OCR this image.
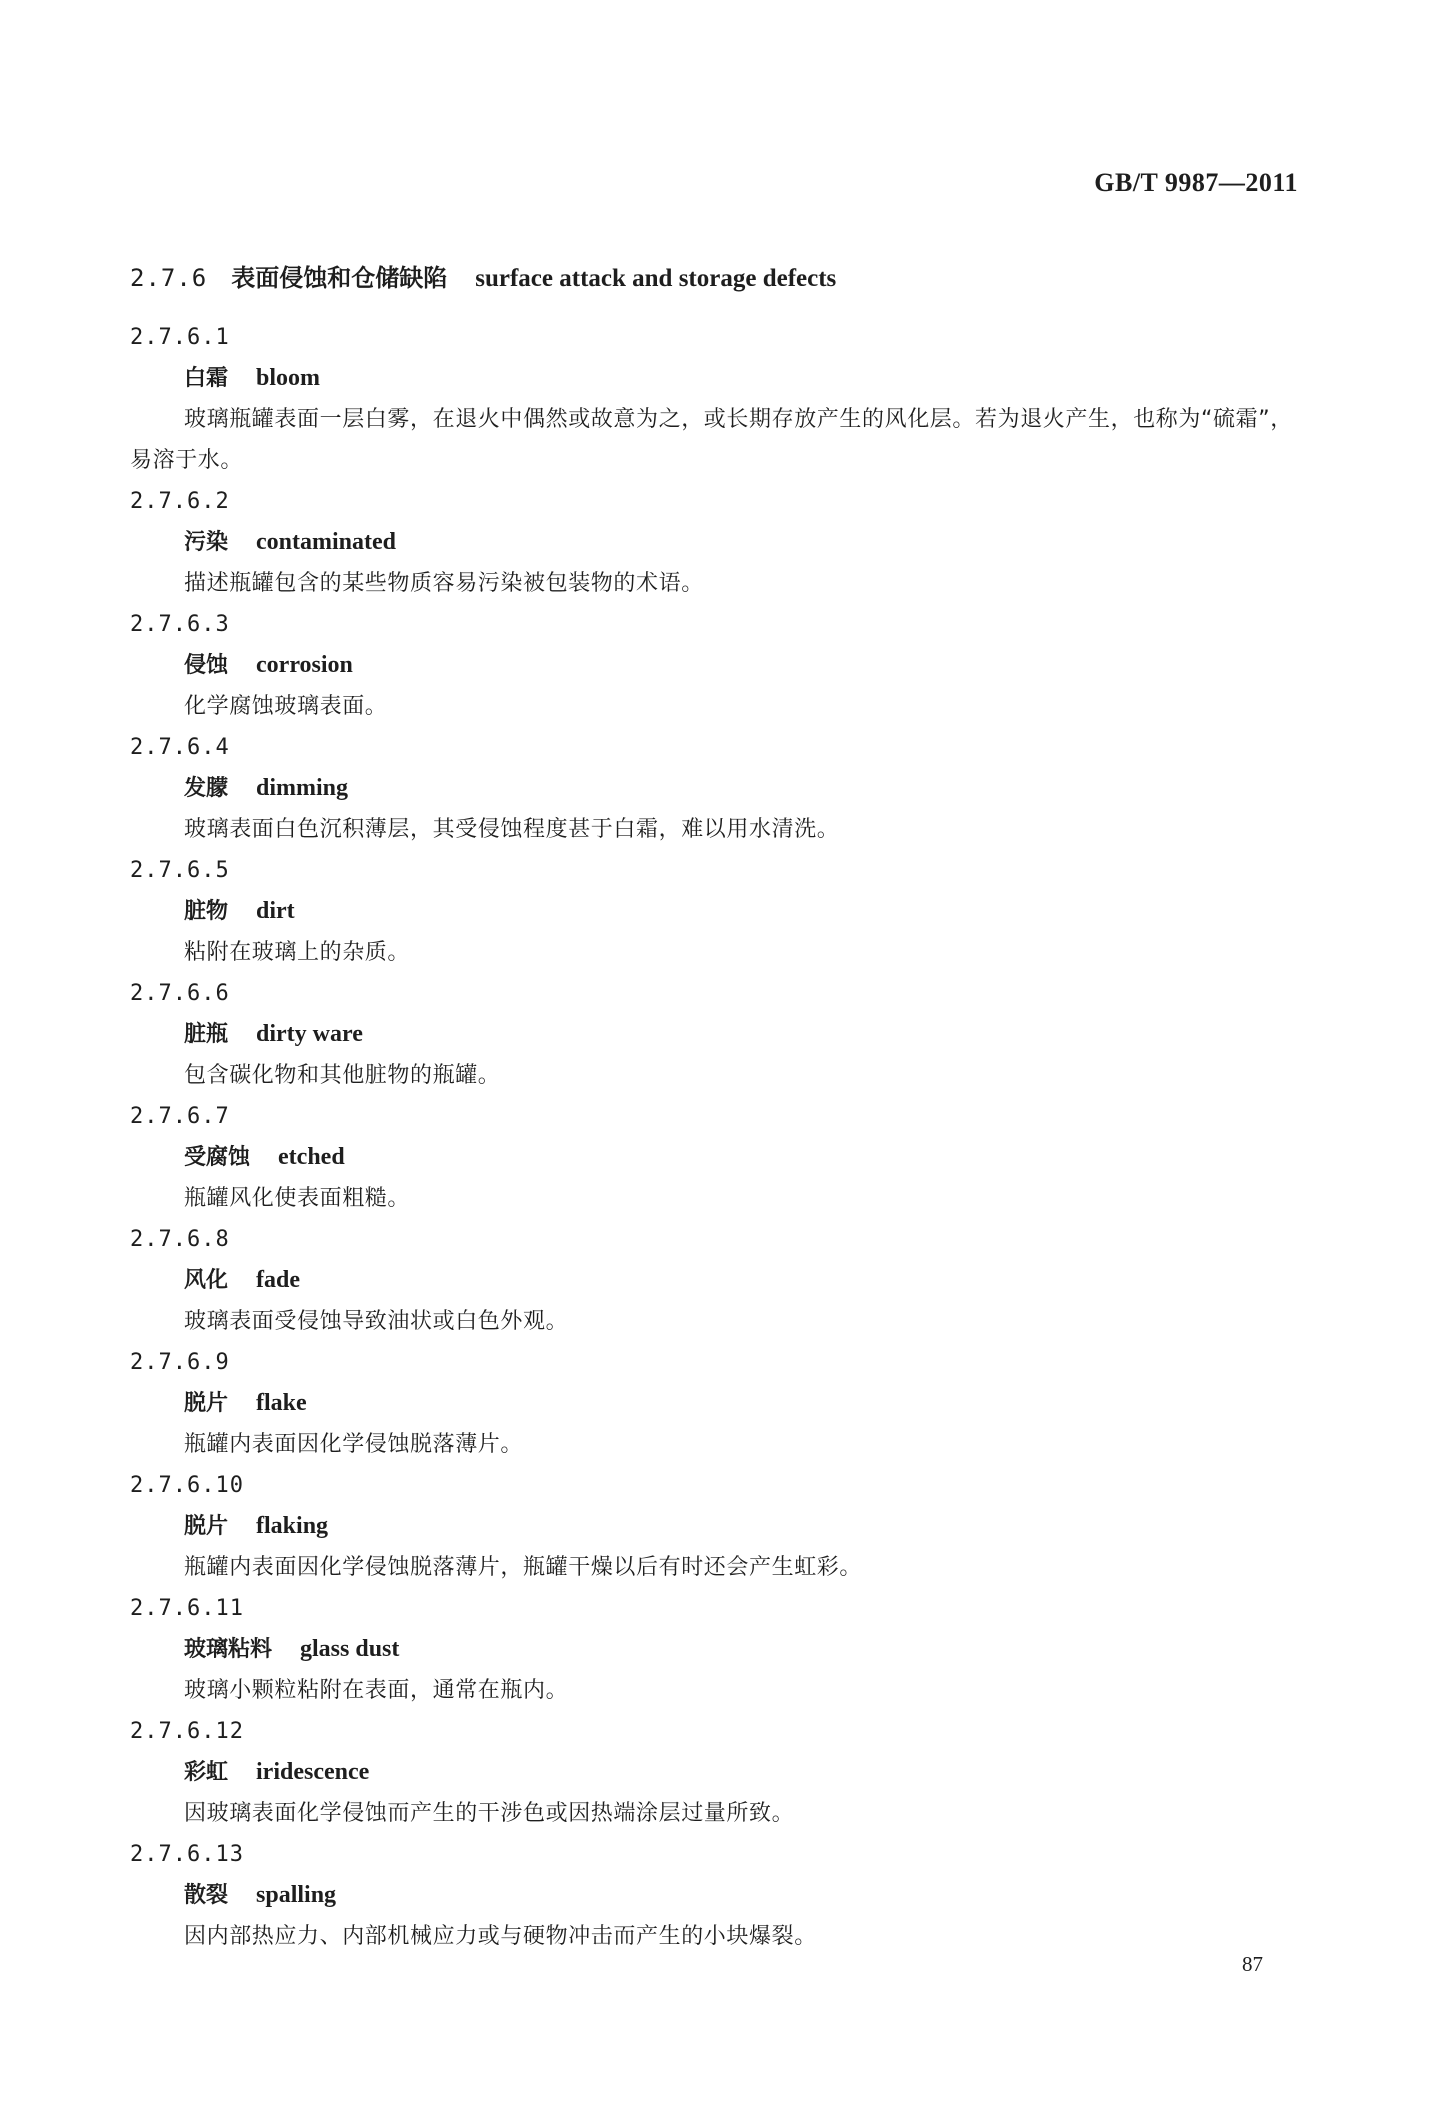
GB/T 9987—2011
2.7.6 表面侵蚀和仓储缺陷 surface attack and storage defects
2.7.6.1
白霜 bloom
玻璃瓶罐表面一层白雾，在退火中偶然或故意为之，或长期存放产生的风化层。若为退火产生，也称为“硫霜”，易溶于水。
2.7.6.2
污染 contaminated
描述瓶罐包含的某些物质容易污染被包装物的术语。
2.7.6.3
侵蚀 corrosion
化学腐蚀玻璃表面。
2.7.6.4
发朦 dimming
玻璃表面白色沉积薄层，其受侵蚀程度甚于白霜，难以用水清洗。
2.7.6.5
脏物 dirt
粘附在玻璃上的杂质。
2.7.6.6
脏瓶 dirty ware
包含碳化物和其他脏物的瓶罐。
2.7.6.7
受腐蚀 etched
瓶罐风化使表面粗糙。
2.7.6.8
风化 fade
玻璃表面受侵蚀导致油状或白色外观。
2.7.6.9
脱片 flake
瓶罐内表面因化学侵蚀脱落薄片。
2.7.6.10
脱片 flaking
瓶罐内表面因化学侵蚀脱落薄片，瓶罐干燥以后有时还会产生虹彩。
2.7.6.11
玻璃粘料 glass dust
玻璃小颗粒粘附在表面，通常在瓶内。
2.7.6.12
彩虹 iridescence
因玻璃表面化学侵蚀而产生的干涉色或因热端涂层过量所致。
2.7.6.13
散裂 spalling
因内部热应力、内部机械应力或与硬物冲击而产生的小块爆裂。
87
